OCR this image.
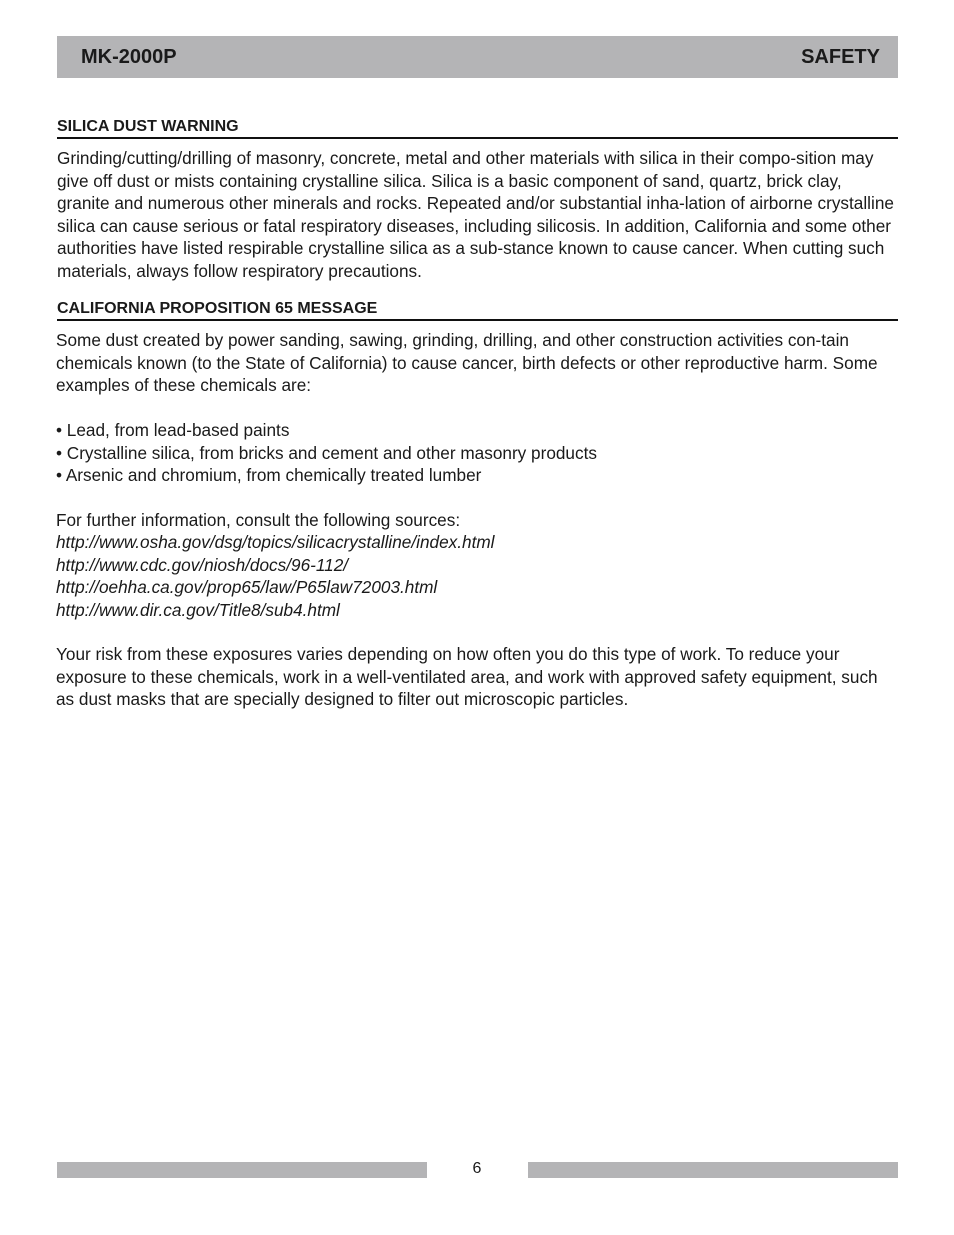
MK-2000P	SAFETY
SILICA DUST WARNING

Grinding/cutting/drilling of masonry, concrete, metal and other materials with silica in their compo-sition may give off dust or mists containing crystalline silica. Silica is a basic component of sand, quartz, brick clay, granite and numerous other minerals and rocks. Repeated and/or substantial inha-lation of airborne crystalline silica can cause serious or fatal respiratory diseases, including silicosis. In addition, California and some other authorities have listed respirable crystalline silica as a sub-stance known to cause cancer. When cutting such materials, always follow respiratory precautions.

CALIFORNIA PROPOSITION 65 MESSAGE

Some dust created by power sanding, sawing, grinding, drilling, and other construction activities con-tain chemicals known (to the State of California) to cause cancer, birth defects or other reproductive harm. Some examples of these chemicals are:

• Lead, from lead-based paints
• Crystalline silica, from bricks and cement and other masonry products
• Arsenic and chromium, from chemically treated lumber

For further information, consult the following sources:

http://www.osha.gov/dsg/topics/silicacrystalline/index.html
http://www.cdc.gov/niosh/docs/96-112/
http://oehha.ca.gov/prop65/law/P65law72003.html
http://www.dir.ca.gov/Title8/sub4.html

Your risk from these exposures varies depending on how often you do this type of work. To reduce your exposure to these chemicals, work in a well-ventilated area, and work with approved safety equipment, such as dust masks that are specially designed to filter out microscopic particles.

6
